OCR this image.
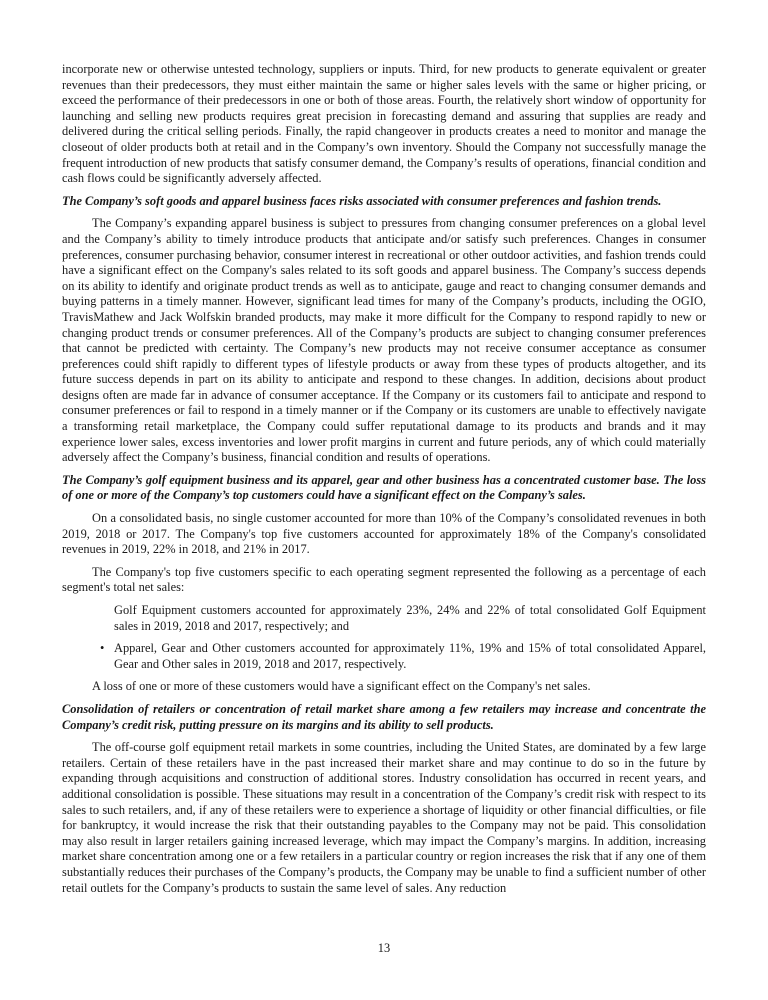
incorporate new or otherwise untested technology, suppliers or inputs. Third, for new products to generate equivalent or greater revenues than their predecessors, they must either maintain the same or higher sales levels with the same or higher pricing, or exceed the performance of their predecessors in one or both of those areas. Fourth, the relatively short window of opportunity for launching and selling new products requires great precision in forecasting demand and assuring that supplies are ready and delivered during the critical selling periods. Finally, the rapid changeover in products creates a need to monitor and manage the closeout of older products both at retail and in the Company’s own inventory. Should the Company not successfully manage the frequent introduction of new products that satisfy consumer demand, the Company’s results of operations, financial condition and cash flows could be significantly adversely affected.

The Company’s soft goods and apparel business faces risks associated with consumer preferences and fashion trends.

The Company’s expanding apparel business is subject to pressures from changing consumer preferences on a global level and the Company’s ability to timely introduce products that anticipate and/or satisfy such preferences. Changes in consumer preferences, consumer purchasing behavior, consumer interest in recreational or other outdoor activities, and fashion trends could have a significant effect on the Company's sales related to its soft goods and apparel business. The Company’s success depends on its ability to identify and originate product trends as well as to anticipate, gauge and react to changing consumer demands and buying patterns in a timely manner. However, significant lead times for many of the Company’s products, including the OGIO, TravisMathew and Jack Wolfskin branded products, may make it more difficult for the Company to respond rapidly to new or changing product trends or consumer preferences. All of the Company’s products are subject to changing consumer preferences that cannot be predicted with certainty. The Company’s new products may not receive consumer acceptance as consumer preferences could shift rapidly to different types of lifestyle products or away from these types of products altogether, and its future success depends in part on its ability to anticipate and respond to these changes. In addition, decisions about product designs often are made far in advance of consumer acceptance. If the Company or its customers fail to anticipate and respond to consumer preferences or fail to respond in a timely manner or if the Company or its customers are unable to effectively navigate a transforming retail marketplace, the Company could suffer reputational damage to its products and brands and it may experience lower sales, excess inventories and lower profit margins in current and future periods, any of which could materially adversely affect the Company’s business, financial condition and results of operations.

The Company’s golf equipment business and its apparel, gear and other business has a concentrated customer base. The loss of one or more of the Company’s top customers could have a significant effect on the Company’s sales.

On a consolidated basis, no single customer accounted for more than 10% of the Company’s consolidated revenues in both 2019, 2018 or 2017. The Company's top five customers accounted for approximately 18% of the Company's consolidated revenues in 2019, 22% in 2018, and 21% in 2017.

The Company's top five customers specific to each operating segment represented the following as a percentage of each segment's total net sales:

Golf Equipment customers accounted for approximately 23%, 24% and 22% of total consolidated Golf Equipment sales in 2019, 2018 and 2017, respectively; and
• Apparel, Gear and Other customers accounted for approximately 11%, 19% and 15% of total consolidated Apparel, Gear and Other sales in 2019, 2018 and 2017, respectively.

A loss of one or more of these customers would have a significant effect on the Company's net sales.

Consolidation of retailers or concentration of retail market share among a few retailers may increase and concentrate the Company’s credit risk, putting pressure on its margins and its ability to sell products.

The off-course golf equipment retail markets in some countries, including the United States, are dominated by a few large retailers. Certain of these retailers have in the past increased their market share and may continue to do so in the future by expanding through acquisitions and construction of additional stores. Industry consolidation has occurred in recent years, and additional consolidation is possible. These situations may result in a concentration of the Company’s credit risk with respect to its sales to such retailers, and, if any of these retailers were to experience a shortage of liquidity or other financial difficulties, or file for bankruptcy, it would increase the risk that their outstanding payables to the Company may not be paid. This consolidation may also result in larger retailers gaining increased leverage, which may impact the Company’s margins. In addition, increasing market share concentration among one or a few retailers in a particular country or region increases the risk that if any one of them substantially reduces their purchases of the Company’s products, the Company may be unable to find a sufficient number of other retail outlets for the Company’s products to sustain the same level of sales. Any reduction

13
